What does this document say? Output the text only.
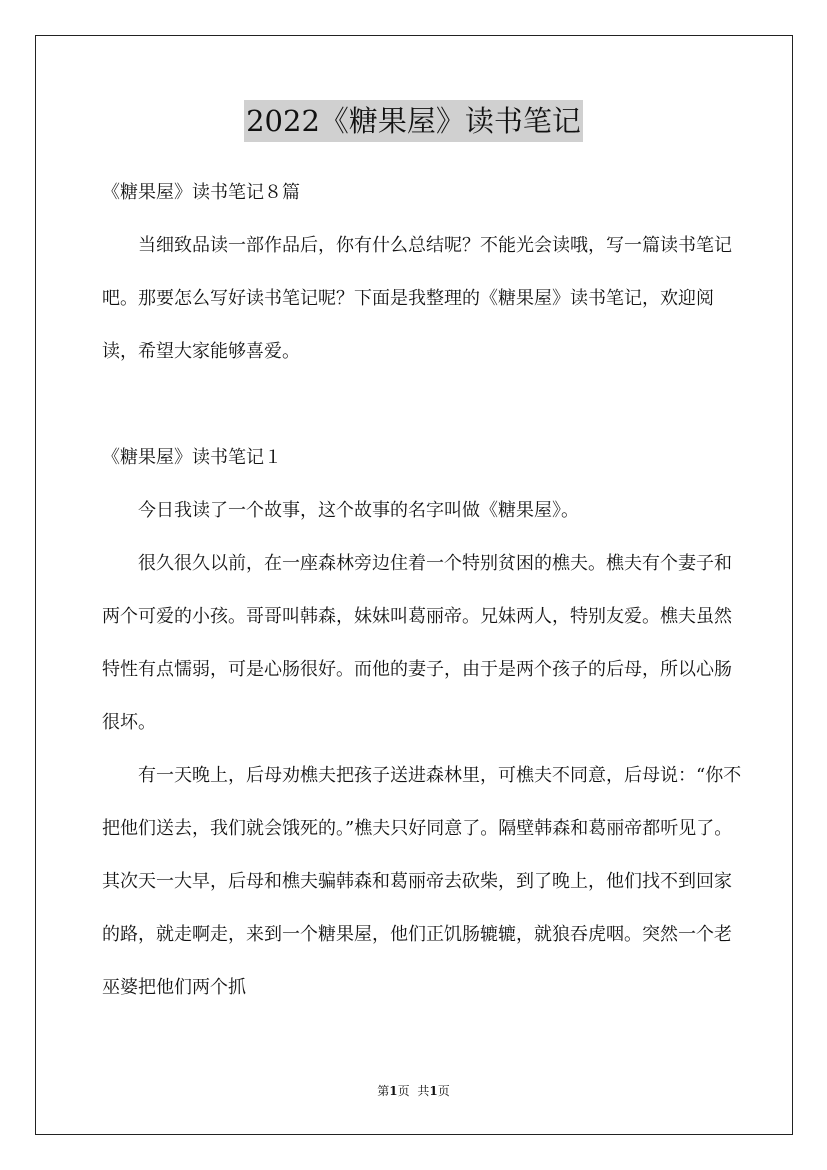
2022《糖果屋》读书笔记

《糖果屋》读书笔记８篇

当细致品读一部作品后，你有什么总结呢？不能光会读哦，写一篇读书笔记吧。那要怎么写好读书笔记呢？下面是我整理的《糖果屋》读书笔记，欢迎阅读，希望大家能够喜爱。

《糖果屋》读书笔记１

今日我读了一个故事，这个故事的名字叫做《糖果屋》。

很久很久以前，在一座森林旁边住着一个特别贫困的樵夫。樵夫有个妻子和两个可爱的小孩。哥哥叫韩森，妹妹叫葛丽帝。兄妹两人，特别友爱。樵夫虽然特性有点懦弱，可是心肠很好。而他的妻子，由于是两个孩子的后母，所以心肠很坏。

有一天晚上，后母劝樵夫把孩子送进森林里，可樵夫不同意，后母说：“你不把他们送去，我们就会饿死的。”樵夫只好同意了。隔壁韩森和葛丽帝都听见了。其次天一大早，后母和樵夫骗韩森和葛丽帝去砍柴，到了晚上，他们找不到回家的路，就走啊走，来到一个糖果屋，他们正饥肠辘辘，就狼吞虎咽。突然一个老巫婆把他们两个抓

第1页 共1页
